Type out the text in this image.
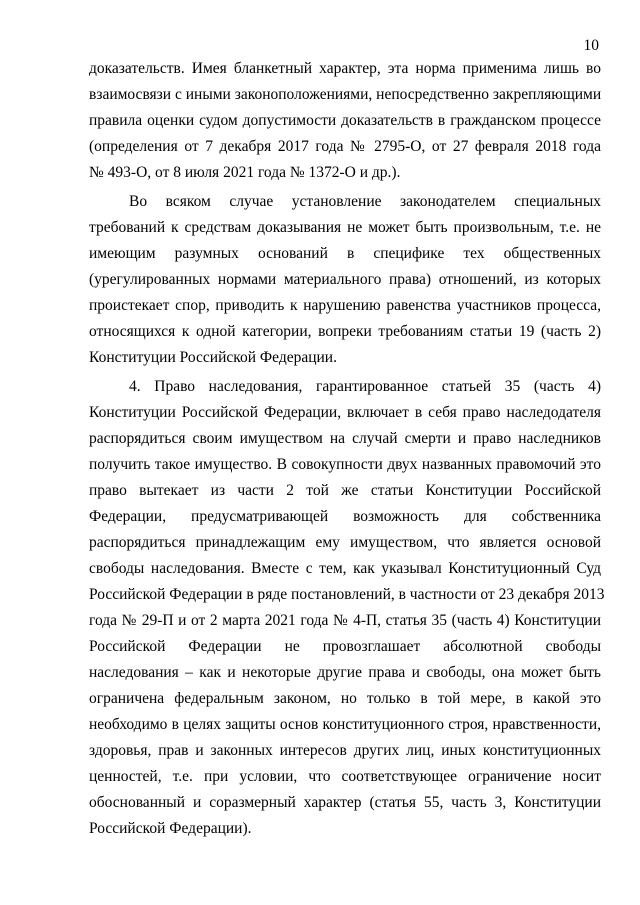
10
доказательств. Имея бланкетный характер, эта норма применима лишь во
взаимосвязи с иными законоположениями, непосредственно закрепляющими
правила оценки судом допустимости доказательств в гражданском процессе
(определения от 7 декабря 2017 года № 2795-О, от 27 февраля 2018 года
№ 493-О, от 8 июля 2021 года № 1372-О и др.).
Во всяком случае установление законодателем специальных
требований к средствам доказывания не может быть произвольным, т.е. не
имеющим разумных оснований в специфике тех общественных
(урегулированных нормами материального права) отношений, из которых
проистекает спор, приводить к нарушению равенства участников процесса,
относящихся к одной категории, вопреки требованиям статьи 19 (часть 2)
Конституции Российской Федерации.
4. Право наследования, гарантированное статьей 35 (часть 4)
Конституции Российской Федерации, включает в себя право наследодателя
распорядиться своим имуществом на случай смерти и право наследников
получить такое имущество. В совокупности двух названных правомочий это
право вытекает из части 2 той же статьи Конституции Российской
Федерации, предусматривающей возможность для собственника
распорядиться принадлежащим ему имуществом, что является основой
свободы наследования. Вместе с тем, как указывал Конституционный Суд
Российской Федерации в ряде постановлений, в частности от 23 декабря 2013
года № 29-П и от 2 марта 2021 года № 4-П, статья 35 (часть 4) Конституции
Российской Федерации не провозглашает абсолютной свободы
наследования – как и некоторые другие права и свободы, она может быть
ограничена федеральным законом, но только в той мере, в какой это
необходимо в целях защиты основ конституционного строя, нравственности,
здоровья, прав и законных интересов других лиц, иных конституционных
ценностей, т.е. при условии, что соответствующее ограничение носит
обоснованный и соразмерный характер (статья 55, часть 3, Конституции
Российской Федерации).
